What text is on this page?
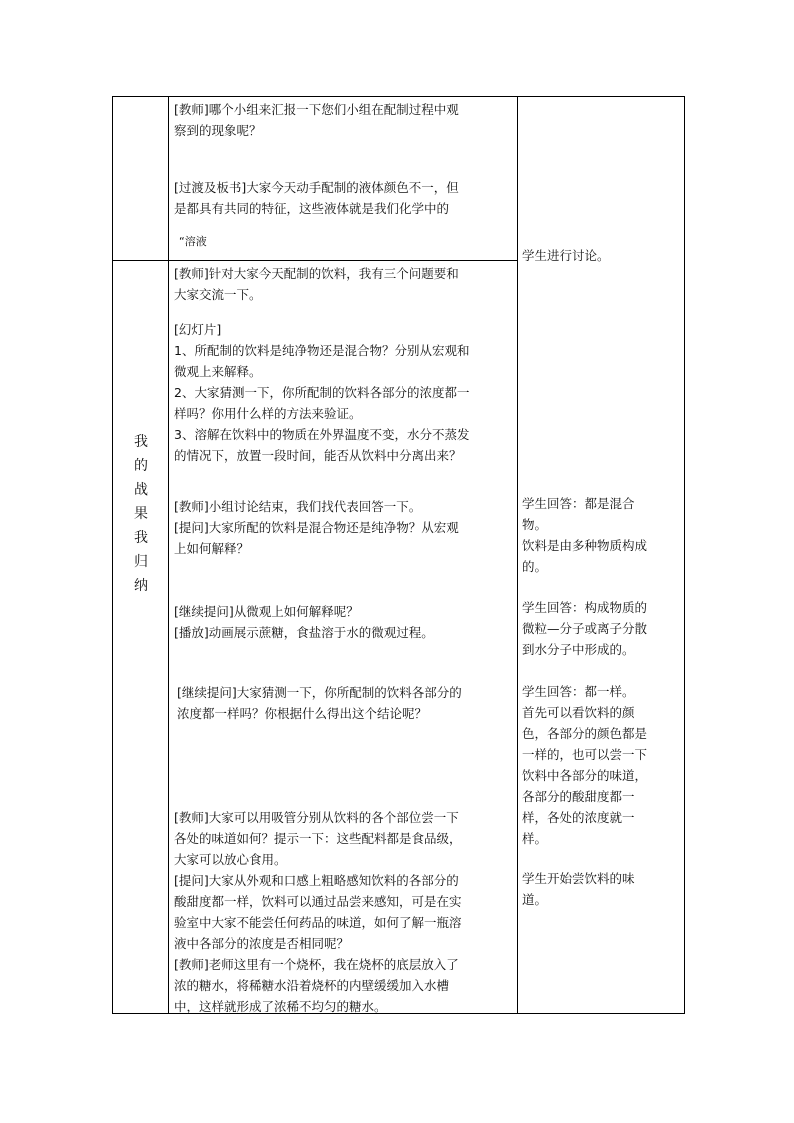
我
的
战
果
我
归
纳
[教师]哪个小组来汇报一下您们小组在配制过程中观
察到的现象呢？
[过渡及板书]大家今天动手配制的液体颜色不一，但
是都具有共同的特征，这些液体就是我们化学中的
“溶液
[教师]针对大家今天配制的饮料，我有三个问题要和
大家交流一下。
[幻灯片]
1、所配制的饮料是纯净物还是混合物？分别从宏观和
微观上来解释。
2、大家猜测一下，你所配制的饮料各部分的浓度都一
样吗？你用什么样的方法来验证。
3、溶解在饮料中的物质在外界温度不变，水分不蒸发
的情况下，放置一段时间，能否从饮料中分离出来？
[教师]小组讨论结束，我们找代表回答一下。
[提问]大家所配的饮料是混合物还是纯净物？从宏观
上如何解释？
[继续提问]从微观上如何解释呢？
[播放]动画展示蔗糖，食盐溶于水的微观过程。
[继续提问]大家猜测一下，你所配制的饮料各部分的
浓度都一样吗？你根据什么得出这个结论呢？
[教师]大家可以用吸管分别从饮料的各个部位尝一下
各处的味道如何？提示一下：这些配料都是食品级，
大家可以放心食用。
[提问]大家从外观和口感上粗略感知饮料的各部分的
酸甜度都一样，饮料可以通过品尝来感知，可是在实
验室中大家不能尝任何药品的味道，如何了解一瓶溶
液中各部分的浓度是否相同呢？
[教师]老师这里有一个烧杯，我在烧杯的底层放入了
浓的糖水，将稀糖水沿着烧杯的内壁缓缓加入水槽
中，这样就形成了浓稀不均匀的糖水。
学生进行讨论。
学生回答：都是混合
物。
饮料是由多种物质构成
的。
学生回答：构成物质的
微粒—分子或离子分散
到水分子中形成的。
学生回答：都一样。
首先可以看饮料的颜
色，各部分的颜色都是
一样的，也可以尝一下
饮料中各部分的味道，
各部分的酸甜度都一
样，各处的浓度就一
样。
学生开始尝饮料的味
道。
